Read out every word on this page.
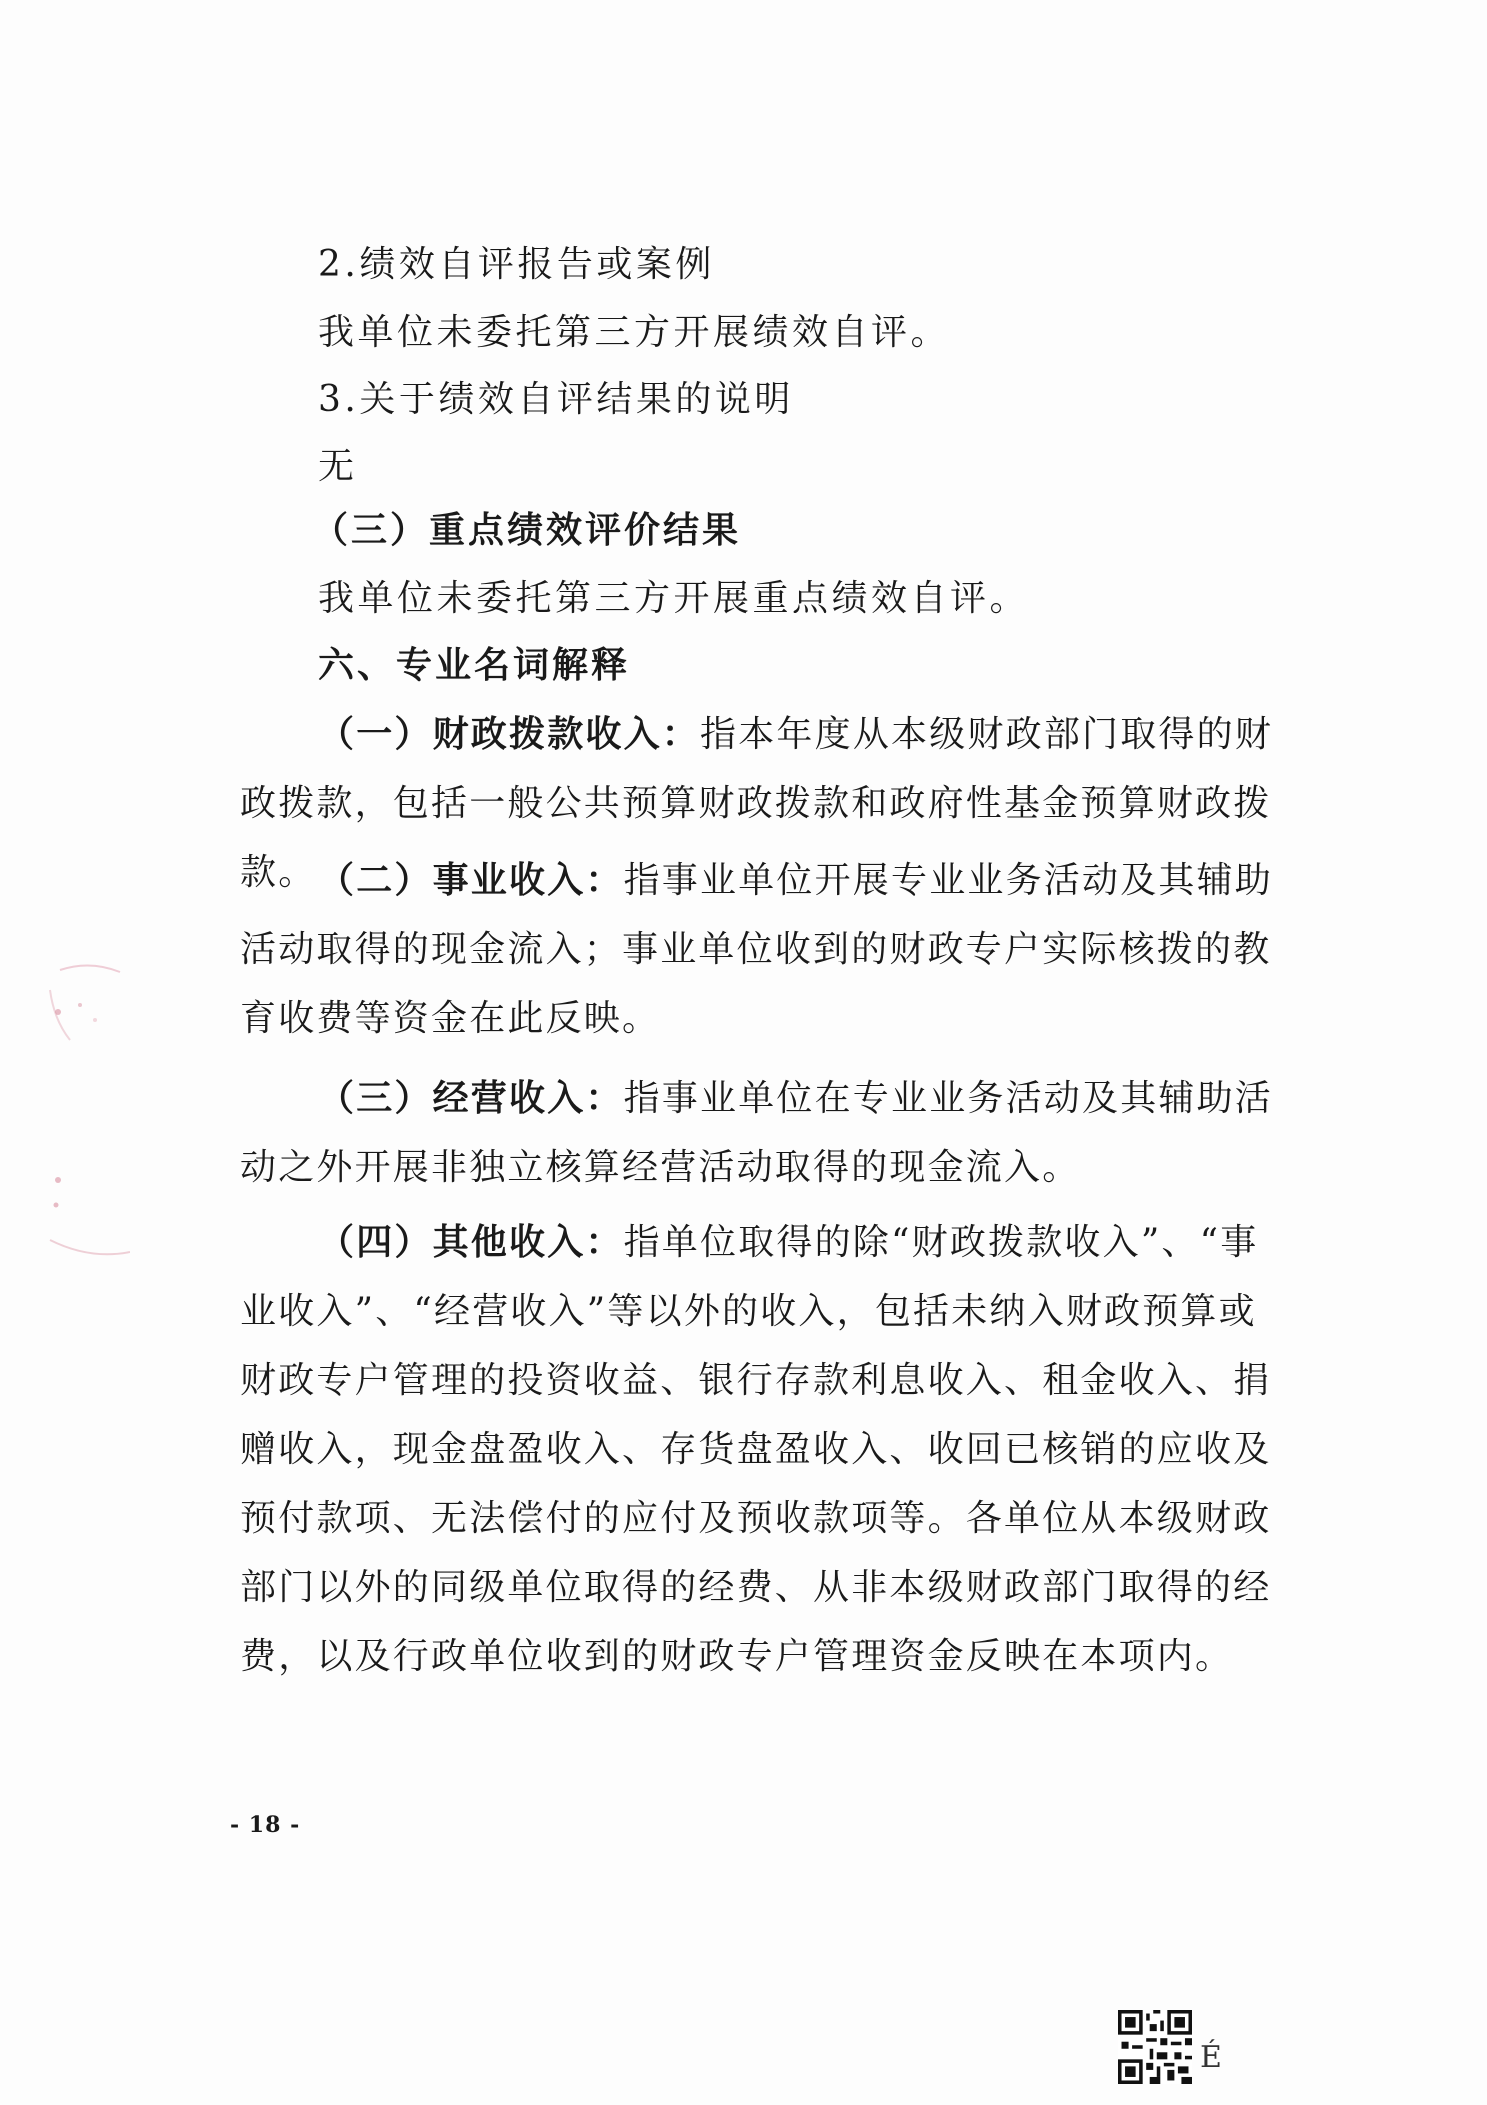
2.绩效自评报告或案例
我单位未委托第三方开展绩效自评。
3.关于绩效自评结果的说明
无
（三）重点绩效评价结果
我单位未委托第三方开展重点绩效自评。
六、专业名词解释

（一）财政拨款收入：指本年度从本级财政部门取得的财政拨款，包括一般公共预算财政拨款和政府性基金预算财政拨款。 （二）事业收入：指事业单位开展专业业务活动及其辅助活动取得的现金流入；事业单位收到的财政专户实际核拨的教育收费等资金在此反映。

（三）经营收入：指事业单位在专业业务活动及其辅助活动之外开展非独立核算经营活动取得的现金流入。

（四）其他收入：指单位取得的除“财政拨款收入”、“事业收入”、“经营收入”等以外的收入，包括未纳入财政预算或财政专户管理的投资收益、银行存款利息收入、租金收入、捐赠收入，现金盘盈收入、存货盘盈收入、收回已核销的应收及预付款项、无法偿付的应付及预收款项等。各单位从本级财政部门以外的同级单位取得的经费、从非本级财政部门取得的经费，以及行政单位收到的财政专户管理资金反映在本项内。

- 18 -
É
